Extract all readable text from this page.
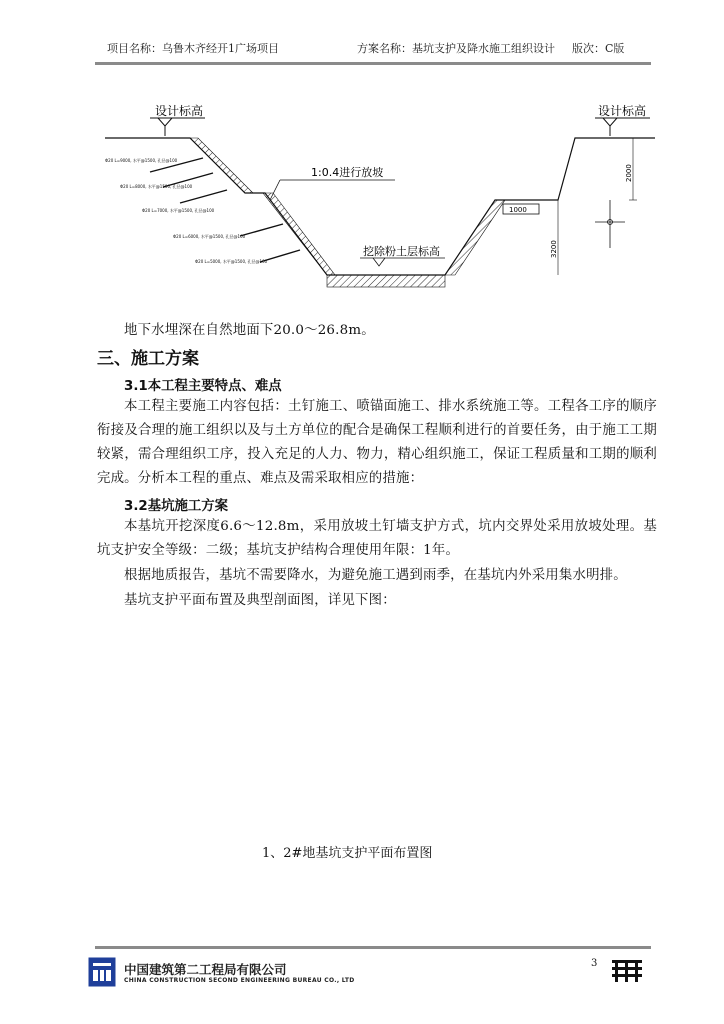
项目名称：乌鲁木齐经开1广场项目	方案名称：基坑支护及降水施工组织设计 版次：C版
设计标高
Φ20 L=9000, 水平@1500, 孔径@100
Φ20 L=8000, 水平@1500, 孔径@100
Φ20 L=7000, 水平@1500, 孔径@100
Φ20 L=6000, 水平@1500, 孔径@100
Φ20 L=5000, 水平@1500, 孔径@100
1:0.4进行放坡
挖除粉土层标高
1000
3200
设计标高
2000
地下水埋深在自然地面下20.0～26.8m。
三、施工方案
3.1本工程主要特点、难点
本工程主要施工内容包括：土钉施工、喷锚面施工、排水系统施工等。工程各工序的顺序衔接及合理的施工组织以及与土方单位的配合是确保工程顺利进行的首要任务，由于施工工期较紧，需合理组织工序，投入充足的人力、物力，精心组织施工，保证工程质量和工期的顺利完成。分析本工程的重点、难点及需采取相应的措施：
3.2基坑施工方案
本基坑开挖深度6.6～12.8m，采用放坡土钉墙支护方式，坑内交界处采用放坡处理。基坑支护安全等级：二级；基坑支护结构合理使用年限：1年。
根据地质报告，基坑不需要降水，为避免施工遇到雨季，在基坑内外采用集水明排。
基坑支护平面布置及典型剖面图，详见下图：
1、2#地基坑支护平面布置图
中国建筑第二工程局有限公司
CHINA CONSTRUCTION SECOND ENGINEERING BUREAU CO., LTD
3
